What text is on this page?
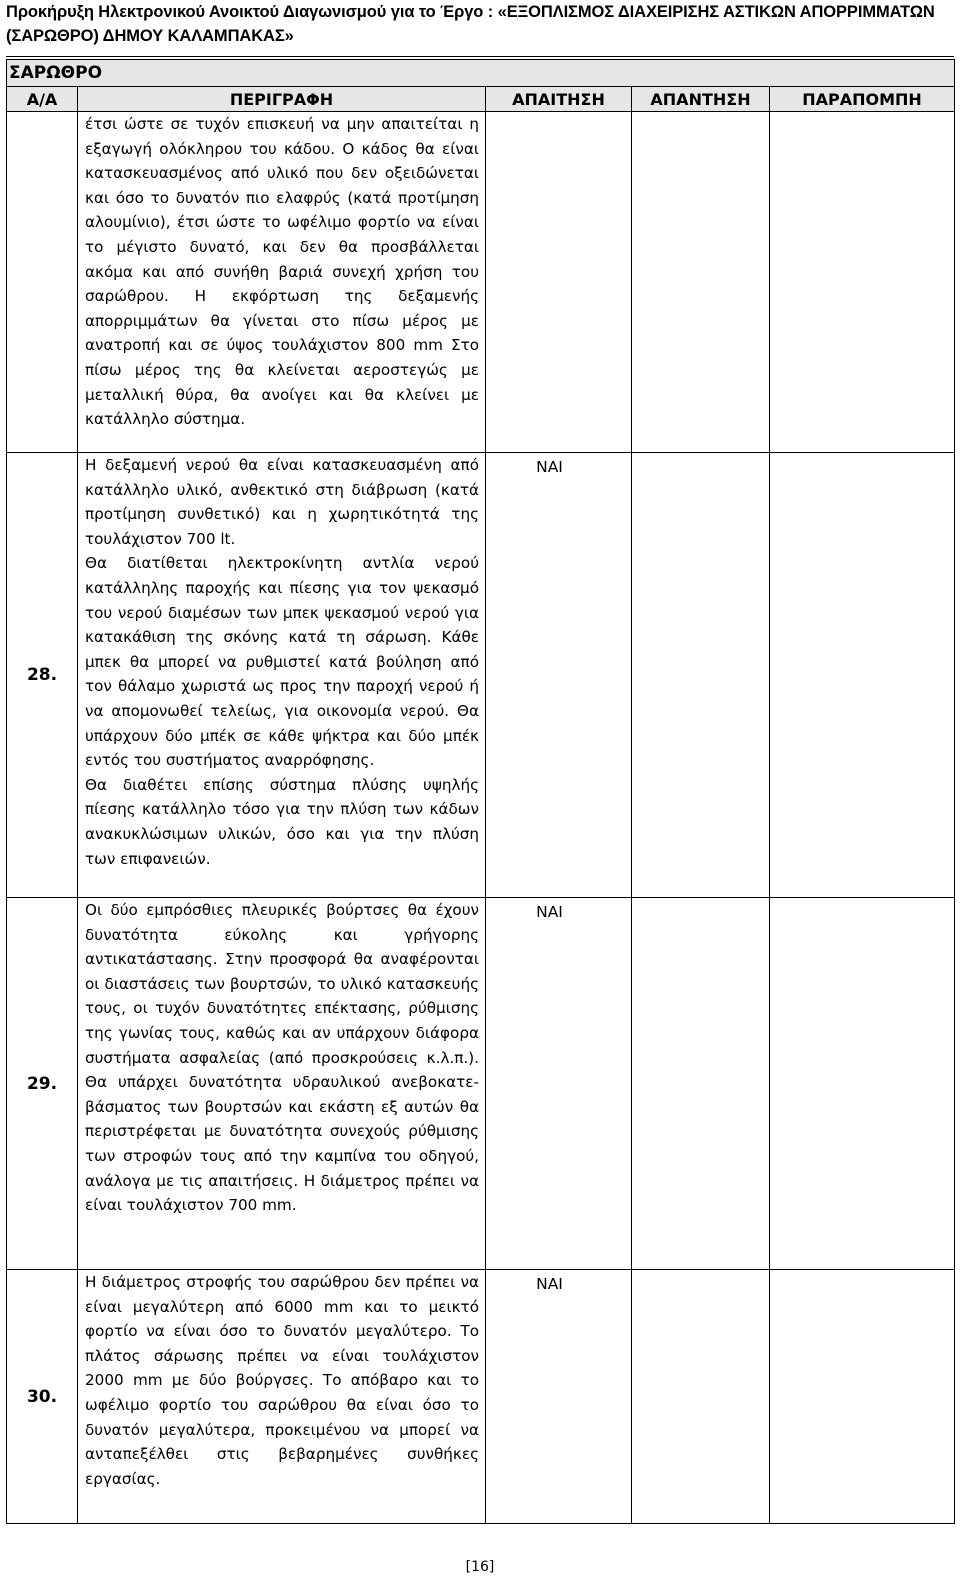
Προκήρυξη Ηλεκτρονικού Ανοικτού Διαγωνισμού για το Έργο : «ΕΞΟΠΛΙΣΜΟΣ ΔΙΑΧΕΙΡΙΣΗΣ ΑΣΤΙΚΩΝ ΑΠΟΡΡΙΜΜΑΤΩΝ
(ΣΑΡΩΘΡΟ) ΔΗΜΟΥ ΚΑΛΑΜΠΑΚΑΣ»
ΣΑΡΩΘΡΟ				
Α/Α	ΠΕΡΙΓΡΑΦΗ	ΑΠΑΙΤΗΣΗ	ΑΠΑΝΤΗΣΗ	ΠΑΡΑΠΟΜΠΗ

	έτσι ώστε σε τυχόν επισκευή να μην απαιτείται η εξαγωγή ολόκληρου του κάδου. Ο κάδος θα είναι κατασκευασμένος από υλικό που δεν οξειδώνεται και όσο το δυνατόν πιο ελαφρύς (κατά προτίμηση αλουμίνιο), έτσι ώστε το ωφέλιμο φορτίο να είναι το μέγιστο δυνατό, και δεν θα προσβάλλεται ακόμα και από συνήθη βαριά συνεχή χρήση του σαρώθρου. Η εκφόρτωση της δεξαμενής απορριμμάτων θα γίνεται στο πίσω μέρος με ανατροπή και σε ύψος τουλάχιστον 800 mm Στο πίσω μέρος της θα κλείνεται αεροστεγώς με μεταλλική θύρα, θα ανοίγει και θα κλείνει με κατάλληλο σύστημα.			

28.	Η δεξαμενή νερού θα είναι κατασκευασμένη από κατάλληλο υλικό, ανθεκτικό στη διάβρωση (κατά προτίμηση συνθετικό) και η χωρητικότητά της τουλάχιστον 700 lt.

Θα διατίθεται ηλεκτροκίνητη αντλία νερού κατάλληλης παροχής και πίεσης για τον ψεκασμό του νερού διαμέσων των μπεκ ψεκασμού νερού για κατακάθιση της σκόνης κατά τη σάρωση. Κάθε μπεκ θα μπορεί να ρυθμιστεί κατά βούληση από τον θάλαμο χωριστά ως προς την παροχή νερού ή να απομονωθεί τελείως, για οικονομία νερού. Θα υπάρχουν δύο μπέκ σε κάθε ψήκτρα και δύο μπέκ εντός του συστήματος αναρρόφησης.

Θα διαθέτει επίσης σύστημα πλύσης υψηλής πίεσης κατάλληλο τόσο για την πλύση των κάδων ανακυκλώσιμων υλικών, όσο και για την πλύση των επιφανειών.	ΝΑΙ		
29.	Οι δύο εμπρόσθιες πλευρικές βούρτσες θα έχουν δυνατότητα εύκολης και γρήγορης αντικατάστασης. Στην προσφορά θα αναφέρονται οι διαστάσεις των βουρτσών, το υλικό κατασκευής τους, οι τυχόν δυνατότητες επέκτασης, ρύθμισης της γωνίας τους, καθώς και αν υπάρχουν διάφορα συστήματα ασφαλείας (από προσκρούσεις κ.λ.π.). Θα υπάρχει δυνατότητα υδραυλικού ανεβοκατε-βάσματος των βουρτσών και εκάστη εξ αυτών θα περιστρέφεται με δυνατότητα συνεχούς ρύθμισης των στροφών τους από την καμπίνα του οδηγού, ανάλογα με τις απαιτήσεις. Η διάμετρος πρέπει να είναι τουλάχιστον 700 mm.	ΝΑΙ		
30.	Η διάμετρος στροφής του σαρώθρου δεν πρέπει να είναι μεγαλύτερη από 6000 mm και το μεικτό φορτίο να είναι όσο το δυνατόν μεγαλύτερο. Το πλάτος σάρωσης πρέπει να είναι τουλάχιστον 2000 mm με δύο βούργσες. Το απόβαρο και το ωφέλιμο φορτίο του σαρώθρου θα είναι όσο το δυνατόν μεγαλύτερα, προκειμένου να μπορεί να ανταπεξέλθει στις βεβαρημένες συνθήκες εργασίας.	ΝΑΙ		
[16]
